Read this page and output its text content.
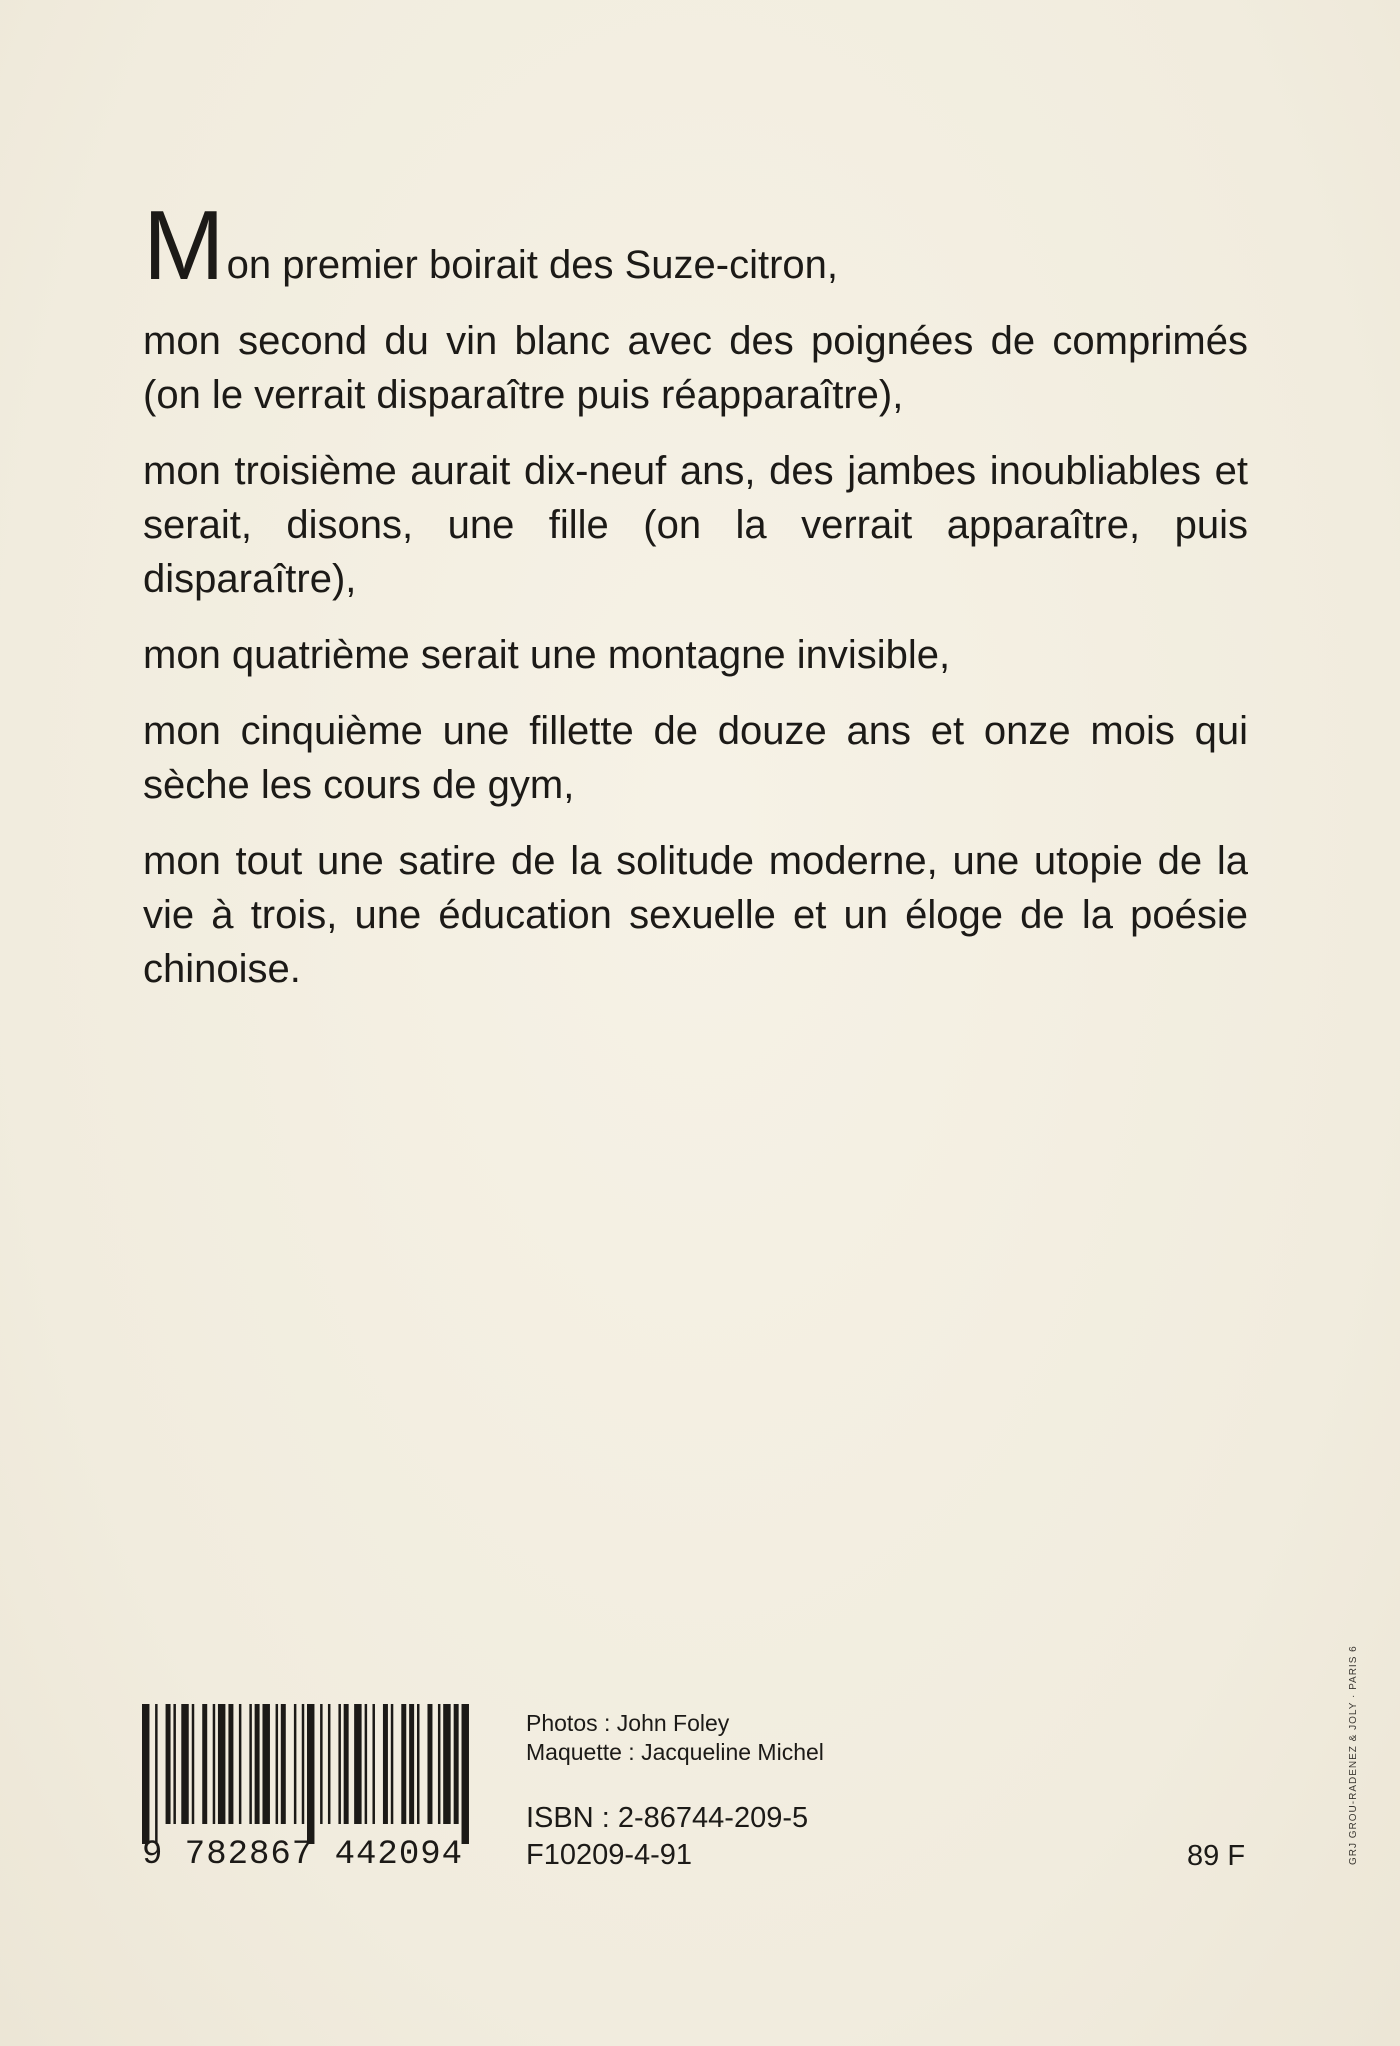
Mon premier boirait des Suze-citron,

mon second du vin blanc avec des poignées de comprimés (on le verrait disparaître puis réapparaître),

mon troisième aurait dix-neuf ans, des jambes inoubliables et serait, disons, une fille (on la verrait apparaître, puis disparaître),

mon quatrième serait une montagne invisible,

mon cinquième une fillette de douze ans et onze mois qui sèche les cours de gym,

mon tout une satire de la solitude moderne, une utopie de la vie à trois, une éducation sexuelle et un éloge de la poésie chinoise.

9 782867 442094
Photos : John Foley
Maquette : Jacqueline Michel
ISBN : 2-86744-209-5
F10209-4-91	89 F	GRJ GROU-RADENEZ & JOLY · PARIS 6
